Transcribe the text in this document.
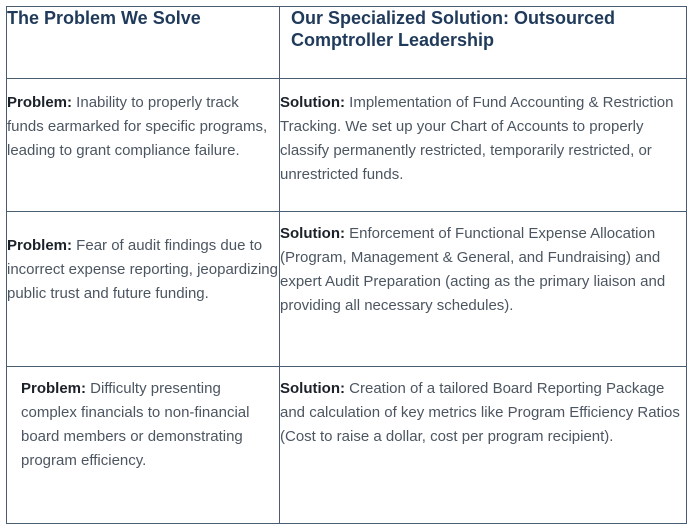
The Problem We Solve	Our Specialized Solution: Outsourced Comptroller Leadership
Problem: Inability to properly track funds earmarked for specific programs, leading to grant compliance failure.	Solution: Implementation of Fund Accounting & Restriction Tracking. We set up your Chart of Accounts to properly classify permanently restricted, temporarily restricted, or unrestricted funds.
Problem: Fear of audit findings due to incorrect expense reporting, jeopardizing public trust and future funding.	Solution: Enforcement of Functional Expense Allocation (Program, Management & General, and Fundraising) and expert Audit Preparation (acting as the primary liaison and providing all necessary schedules).
Problem: Difficulty presenting complex financials to non-financial board members or demonstrating program efficiency.	Solution: Creation of a tailored Board Reporting Package and calculation of key metrics like Program Efficiency Ratios (Cost to raise a dollar, cost per program recipient).
